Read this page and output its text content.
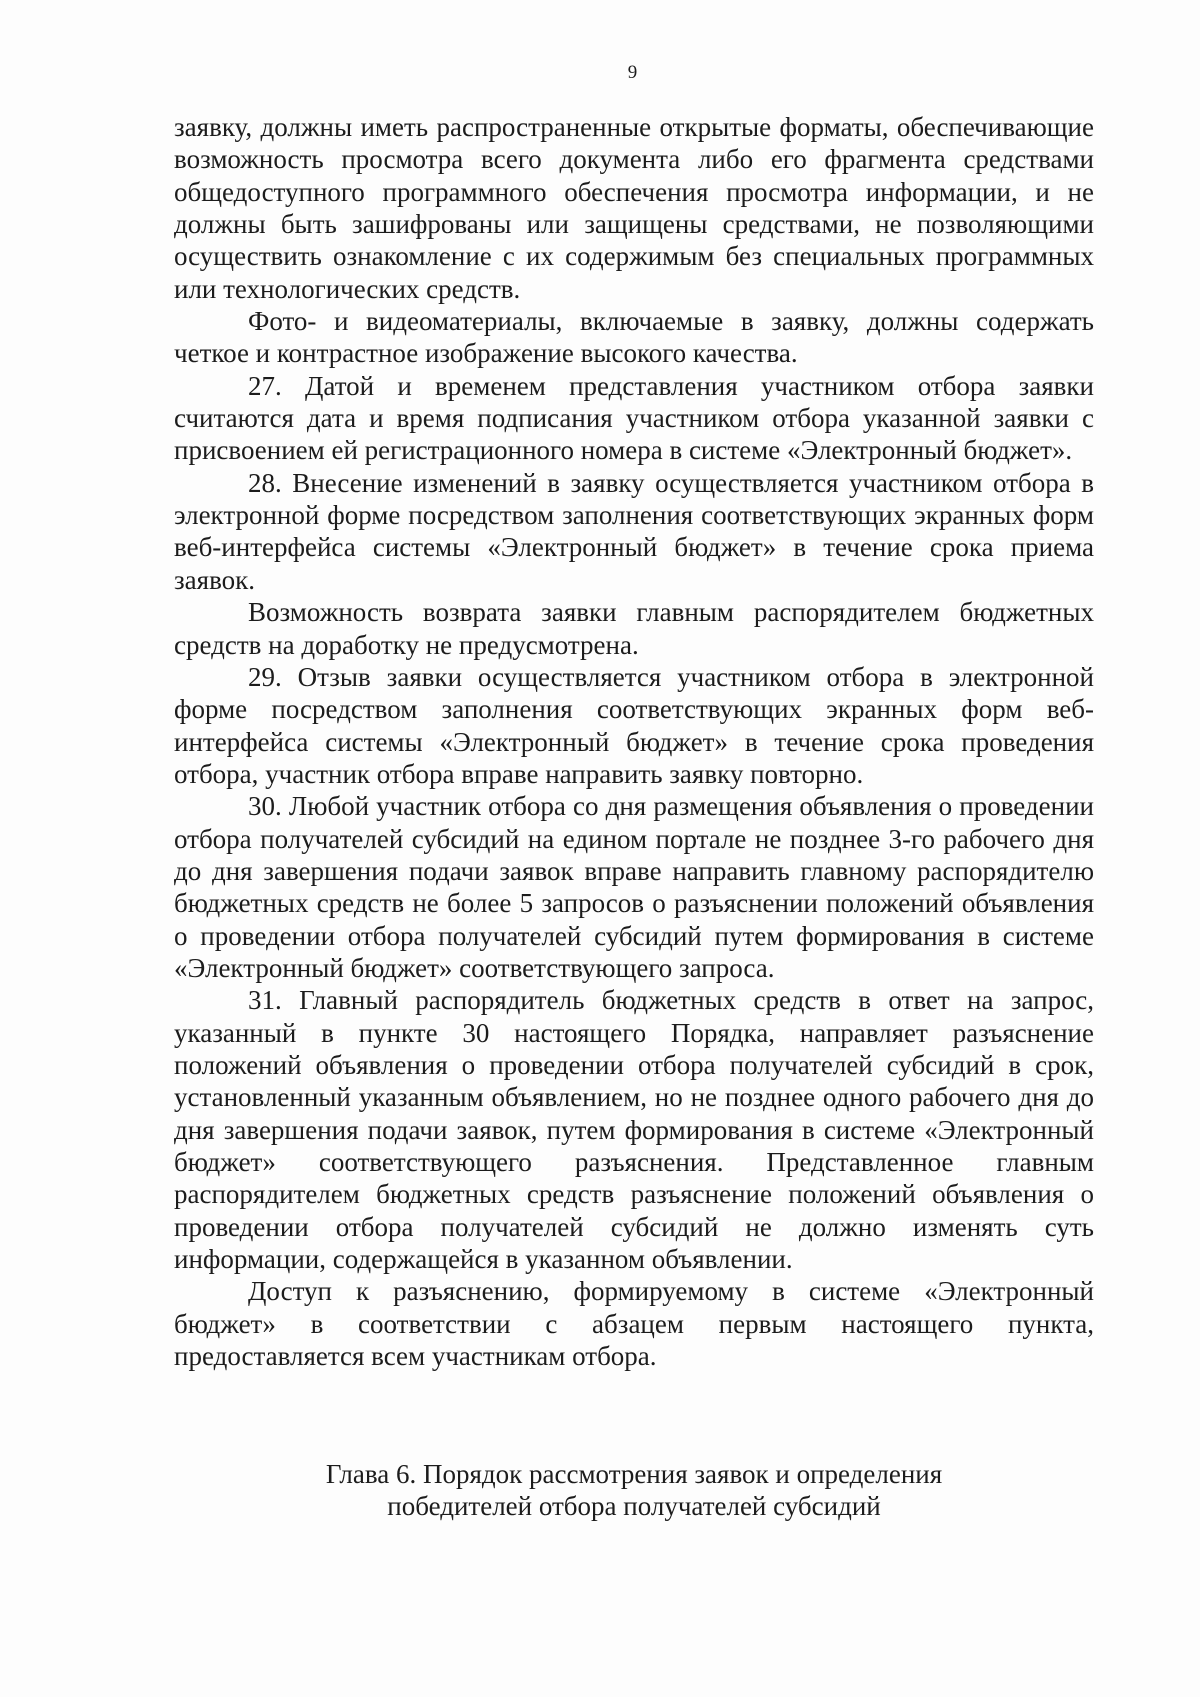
9

заявку, должны иметь распространенные открытые форматы, обеспечивающие возможность просмотра всего документа либо его фрагмента средствами общедоступного программного обеспечения просмотра информации, и не должны быть зашифрованы или защищены средствами, не позволяющими осуществить ознакомление с их содержимым без специальных программных или технологических средств.

Фото- и видеоматериалы, включаемые в заявку, должны содержать четкое и контрастное изображение высокого качества.

27. Датой и временем представления участником отбора заявки считаются дата и время подписания участником отбора указанной заявки с присвоением ей регистрационного номера в системе «Электронный бюджет».

28. Внесение изменений в заявку осуществляется участником отбора в электронной форме посредством заполнения соответствующих экранных форм веб-интерфейса системы «Электронный бюджет» в течение срока приема заявок.

Возможность возврата заявки главным распорядителем бюджетных средств на доработку не предусмотрена.

29. Отзыв заявки осуществляется участником отбора в электронной форме посредством заполнения соответствующих экранных форм веб-интерфейса системы «Электронный бюджет» в течение срока проведения отбора, участник отбора вправе направить заявку повторно.

30. Любой участник отбора со дня размещения объявления о проведении отбора получателей субсидий на едином портале не позднее 3-го рабочего дня до дня завершения подачи заявок вправе направить главному распорядителю бюджетных средств не более 5 запросов о разъяснении положений объявления о проведении отбора получателей субсидий путем формирования в системе «Электронный бюджет» соответствующего запроса.

31. Главный распорядитель бюджетных средств в ответ на запрос, указанный в пункте 30 настоящего Порядка, направляет разъяснение положений объявления о проведении отбора получателей субсидий в срок, установленный указанным объявлением, но не позднее одного рабочего дня до дня завершения подачи заявок, путем формирования в системе «Электронный бюджет» соответствующего разъяснения. Представленное главным распорядителем бюджетных средств разъяснение положений объявления о проведении отбора получателей субсидий не должно изменять суть информации, содержащейся в указанном объявлении.

Доступ к разъяснению, формируемому в системе «Электронный бюджет» в соответствии с абзацем первым настоящего пункта, предоставляется всем участникам отбора.

Глава 6. Порядок рассмотрения заявок и определения
победителей отбора получателей субсидий
